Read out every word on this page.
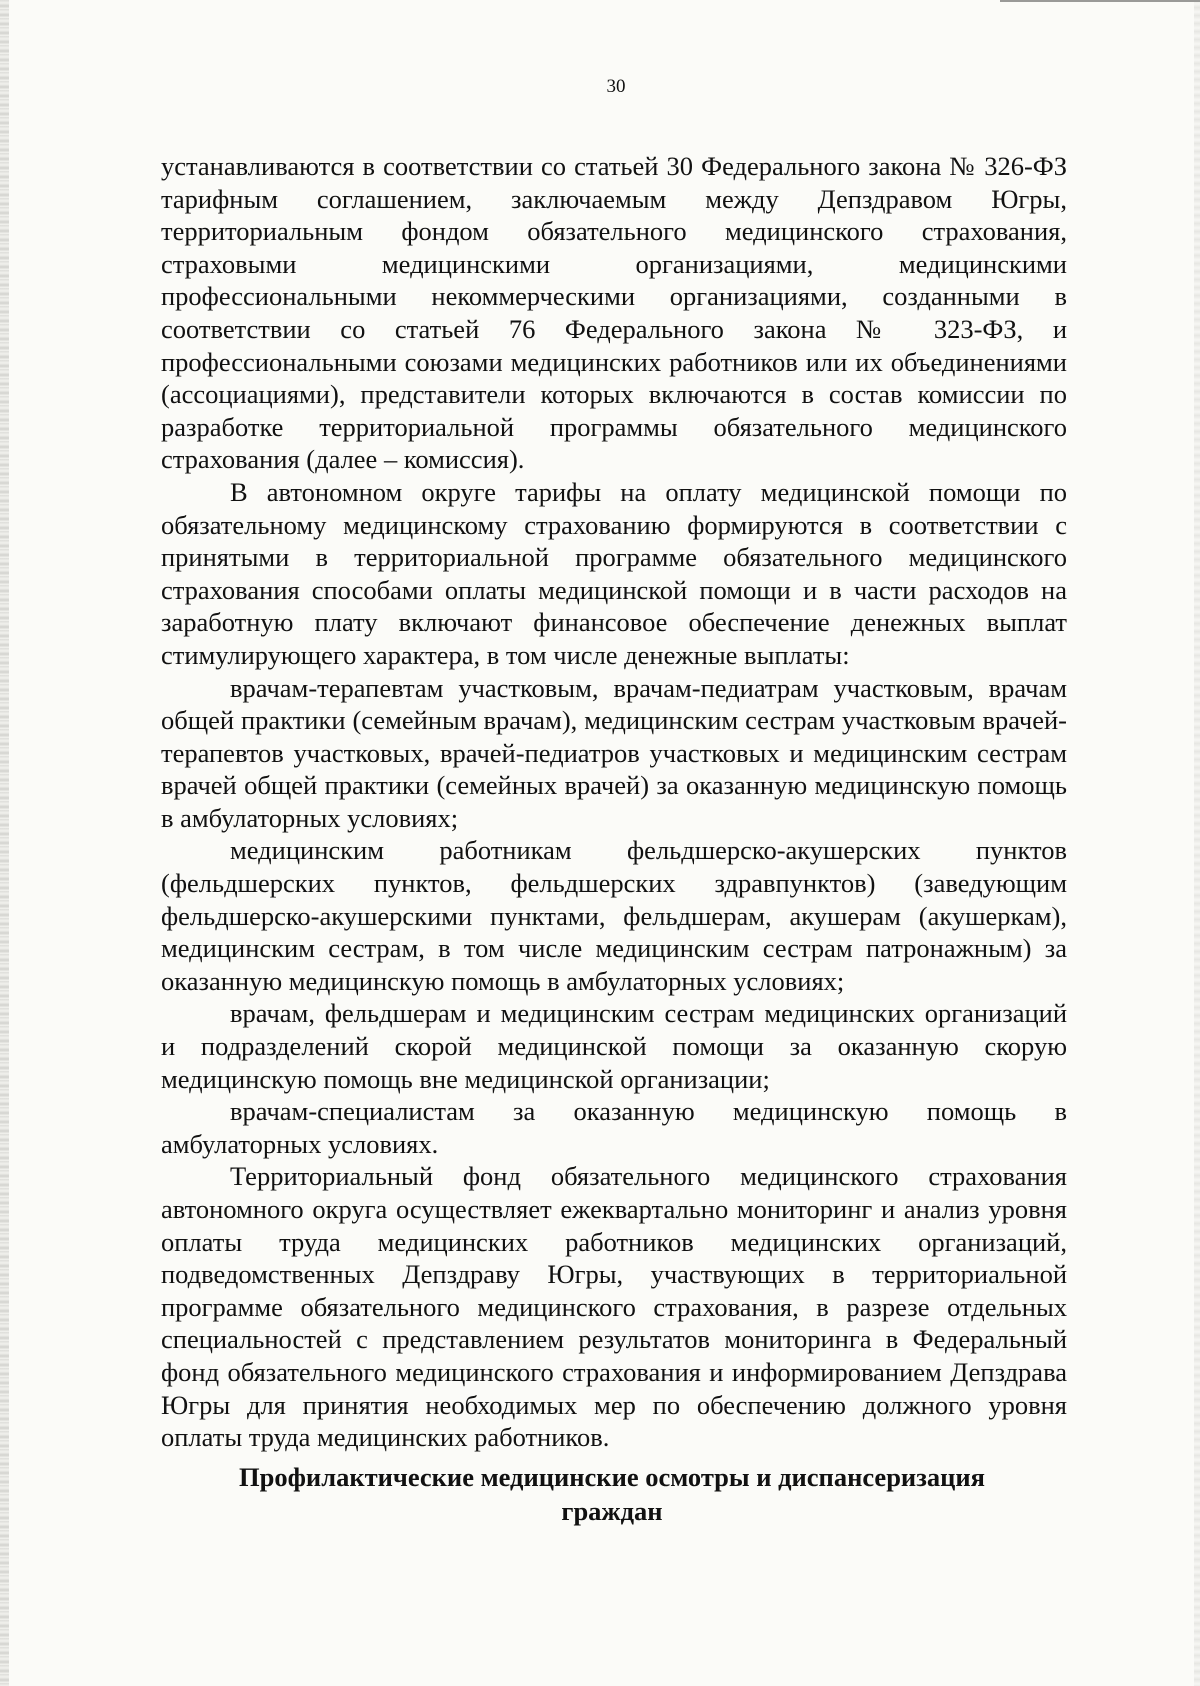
30

устанавливаются в соответствии со статьей 30 Федерального закона № 326-ФЗ тарифным соглашением, заключаемым между Депздравом Югры, территориальным фондом обязательного медицинского страхования, страховыми медицинскими организациями, медицинскими профессиональными некоммерческими организациями, созданными в соответствии со статьей 76 Федерального закона № 323-ФЗ, и профессиональными союзами медицинских работников или их объединениями (ассоциациями), представители которых включаются в состав комиссии по разработке территориальной программы обязательного медицинского страхования (далее – комиссия).

В автономном округе тарифы на оплату медицинской помощи по обязательному медицинскому страхованию формируются в соответствии с принятыми в территориальной программе обязательного медицинского страхования способами оплаты медицинской помощи и в части расходов на заработную плату включают финансовое обеспечение денежных выплат стимулирующего характера, в том числе денежные выплаты:

врачам-терапевтам участковым, врачам-педиатрам участковым, врачам общей практики (семейным врачам), медицинским сестрам участковым врачей-терапевтов участковых, врачей-педиатров участковых и медицинским сестрам врачей общей практики (семейных врачей) за оказанную медицинскую помощь в амбулаторных условиях;

медицинским работникам фельдшерско-акушерских пунктов (фельдшерских пунктов, фельдшерских здравпунктов) (заведующим фельдшерско-акушерскими пунктами, фельдшерам, акушерам (акушеркам), медицинским сестрам, в том числе медицинским сестрам патронажным) за оказанную медицинскую помощь в амбулаторных условиях;

врачам, фельдшерам и медицинским сестрам медицинских организаций и подразделений скорой медицинской помощи за оказанную скорую медицинскую помощь вне медицинской организации;

врачам-специалистам за оказанную медицинскую помощь в амбулаторных условиях.

Территориальный фонд обязательного медицинского страхования автономного округа осуществляет ежеквартально мониторинг и анализ уровня оплаты труда медицинских работников медицинских организаций, подведомственных Депздраву Югры, участвующих в территориальной программе обязательного медицинского страхования, в разрезе отдельных специальностей с представлением результатов мониторинга в Федеральный фонд обязательного медицинского страхования и информированием Депздрава Югры для принятия необходимых мер по обеспечению должного уровня оплаты труда медицинских работников.

Профилактические медицинские осмотры и диспансеризация
граждан
